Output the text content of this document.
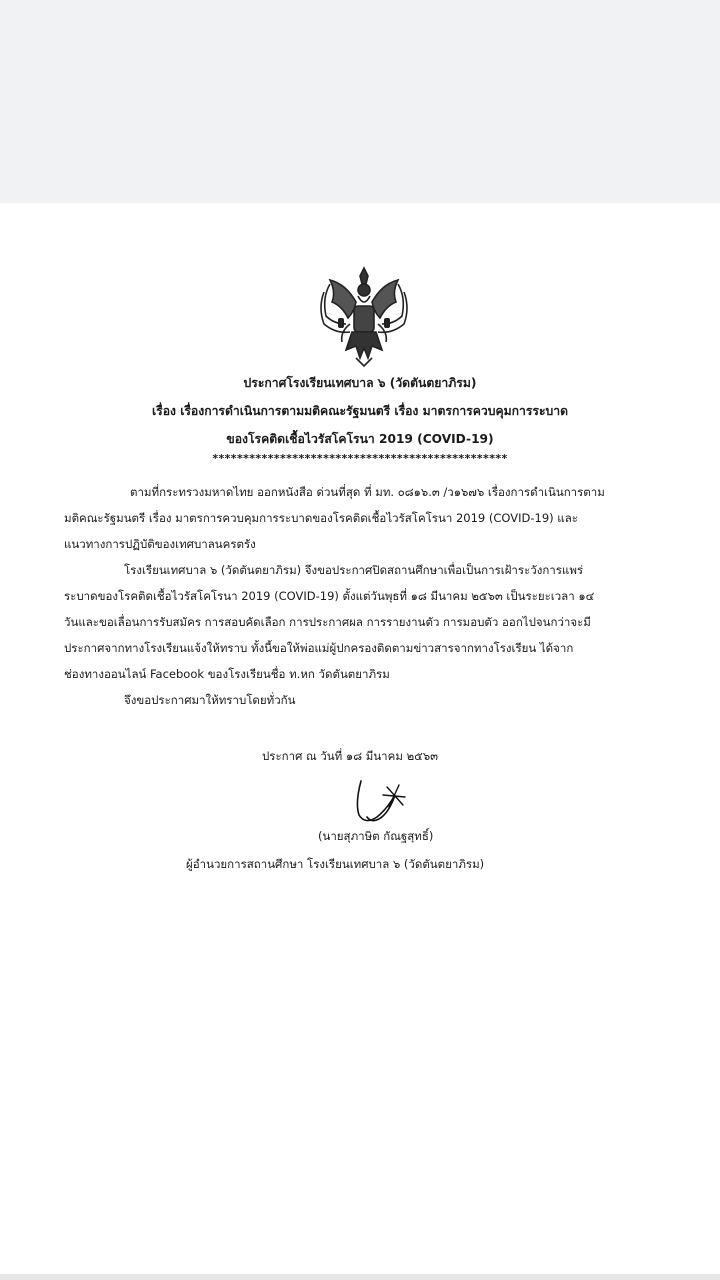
ประกาศโรงเรียนเทศบาล ๖ (วัดตันตยาภิรม)
เรื่อง เรื่องการดำเนินการตามมติคณะรัฐมนตรี เรื่อง มาตรการควบคุมการระบาด
ของโรคติดเชื้อไวรัสโคโรนา 2019 (COVID-19)
************************************************
ตามที่กระทรวงมหาดไทย ออกหนังสือ ด่วนที่สุด ที่ มท. ๐๘๑๖.๓ /ว๑๖๗๖ เรื่องการดำเนินการตาม
มติคณะรัฐมนตรี เรื่อง มาตรการควบคุมการระบาดของโรคติดเชื้อไวรัสโคโรนา 2019 (COVID-19) และ
แนวทางการปฏิบัติของเทศบาลนครตรัง
โรงเรียนเทศบาล ๖ (วัดตันตยาภิรม) จึงขอประกาศปิดสถานศึกษาเพื่อเป็นการเฝ้าระวังการแพร่
ระบาดของโรคติดเชื้อไวรัสโคโรนา 2019 (COVID-19) ตั้งแต่วันพุธที่ ๑๘ มีนาคม ๒๕๖๓ เป็นระยะเวลา ๑๔
วันและขอเลื่อนการรับสมัคร การสอบคัดเลือก การประกาศผล การรายงานตัว การมอบตัว ออกไปจนกว่าจะมี
ประกาศจากทางโรงเรียนแจ้งให้ทราบ ทั้งนี้ขอให้พ่อแม่ผู้ปกครองติดตามข่าวสารจากทางโรงเรียน ได้จาก
ช่องทางออนไลน์ Facebook ของโรงเรียนชื่อ ท.หก วัดตันตยาภิรม
จึงขอประกาศมาให้ทราบโดยทั่วกัน
ประกาศ ณ วันที่ ๑๘ มีนาคม ๒๕๖๓
(นายสุภาษิต กัณฐสุทธิ์)
ผู้อำนวยการสถานศึกษา โรงเรียนเทศบาล ๖ (วัดตันตยาภิรม)
